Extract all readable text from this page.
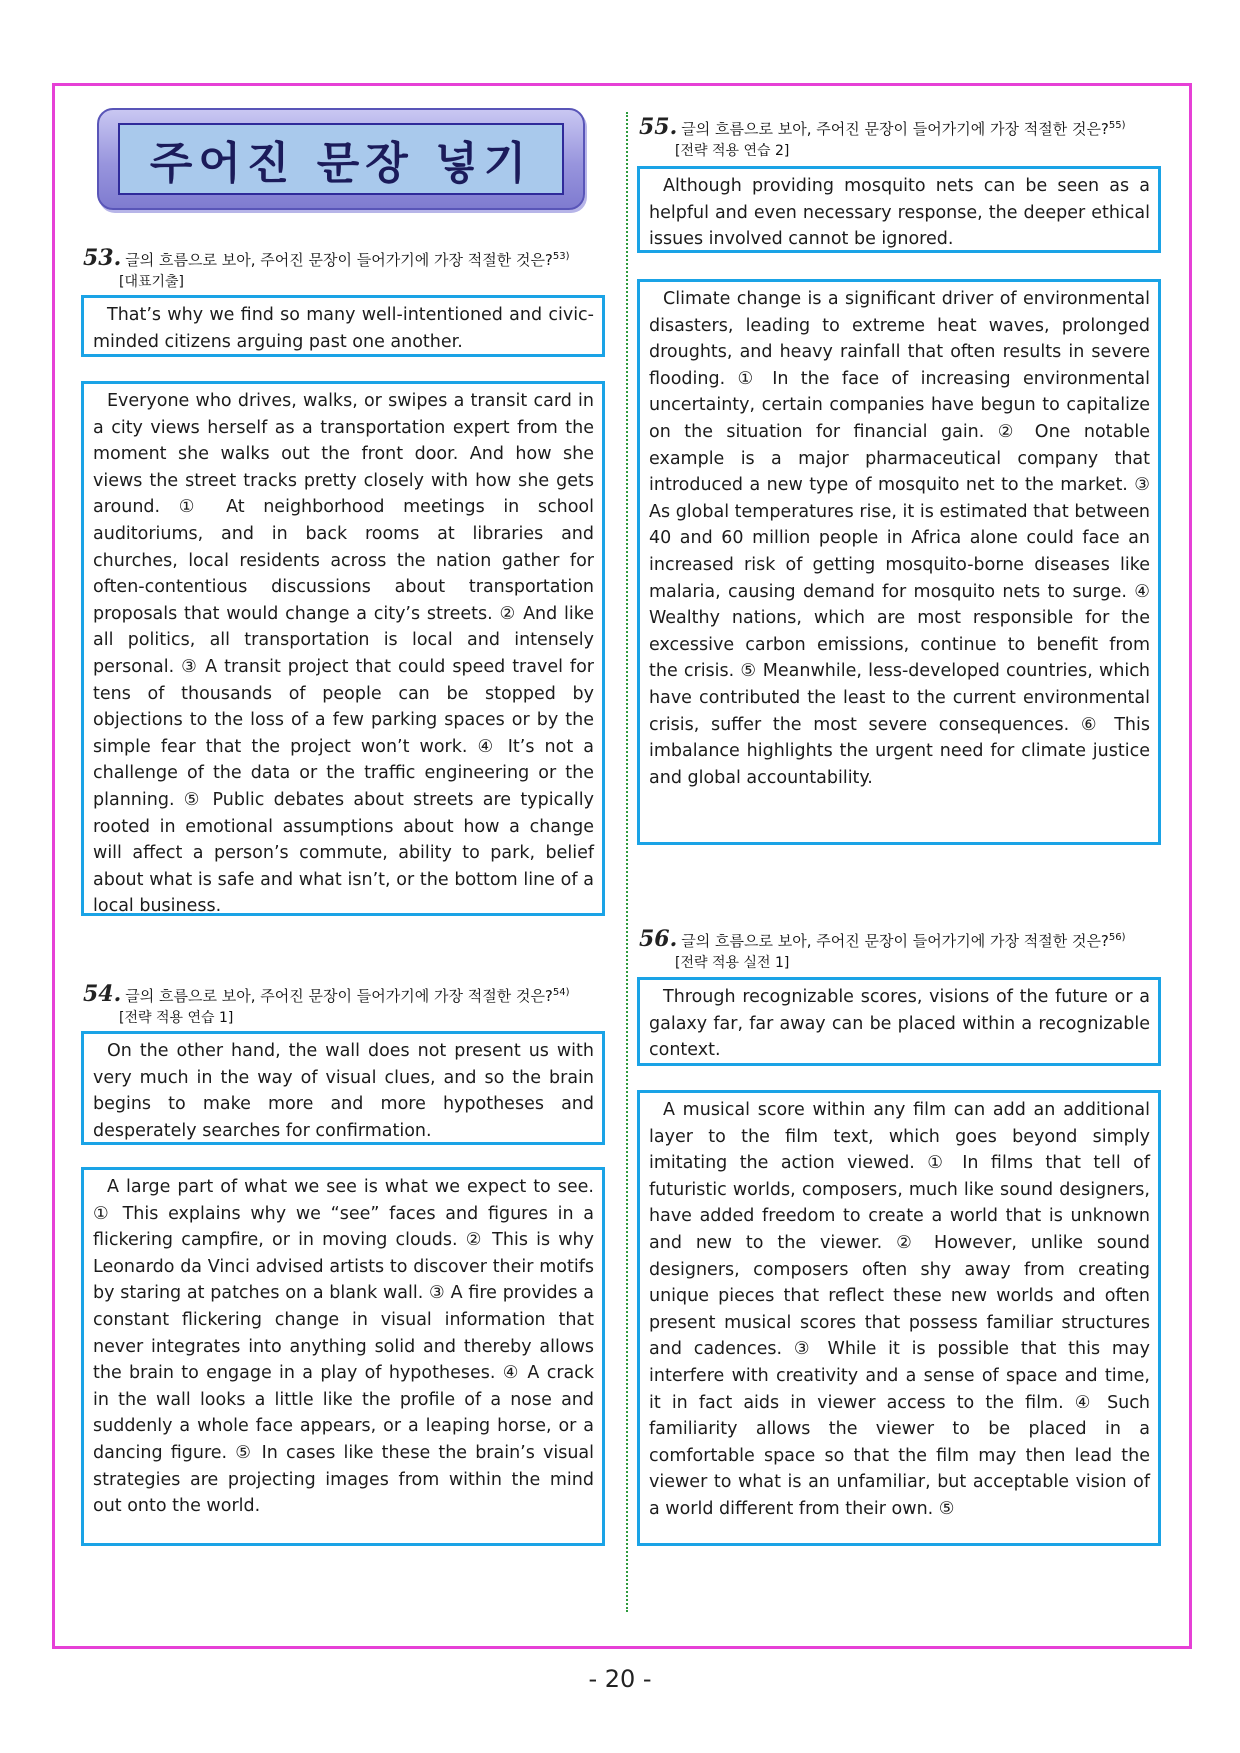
주어진 문장 넣기
53. 글의 흐름으로 보아, 주어진 문장이 들어가기에 가장 적절한 것은?$^{53)}$
[대표기출]

That’s why we find so many well-intentioned and civic-minded citizens arguing past one another.

Everyone who drives, walks, or swipes a transit card in a city views herself as a transportation expert from the moment she walks out the front door. And how she views the street tracks pretty closely with how she gets around. ① At neighborhood meetings in school auditoriums, and in back rooms at libraries and churches, local residents across the nation gather for often-contentious discussions about transportation proposals that would change a city’s streets. ② And like all politics, all transportation is local and intensely personal. ③ A transit project that could speed travel for tens of thousands of people can be stopped by objections to the loss of a few parking spaces or by the simple fear that the project won’t work. ④ It’s not a challenge of the data or the traffic engineering or the planning. ⑤ Public debates about streets are typically rooted in emotional assumptions about how a change will affect a person’s commute, ability to park, belief about what is safe and what isn’t, or the bottom line of a local business.

54. 글의 흐름으로 보아, 주어진 문장이 들어가기에 가장 적절한 것은?$^{54)}$
[전략 적용 연습 1]

On the other hand, the wall does not present us with very much in the way of visual clues, and so the brain begins to make more and more hypotheses and desperately searches for confirmation.

A large part of what we see is what we expect to see. ① This explains why we “see” faces and figures in a flickering campfire, or in moving clouds. ② This is why Leonardo da Vinci advised artists to discover their motifs by staring at patches on a blank wall. ③ A fire provides a constant flickering change in visual information that never integrates into anything solid and thereby allows the brain to engage in a play of hypotheses. ④ A crack in the wall looks a little like the profile of a nose and suddenly a whole face appears, or a leaping horse, or a dancing figure. ⑤ In cases like these the brain’s visual strategies are projecting images from within the mind out onto the world.

55. 글의 흐름으로 보아, 주어진 문장이 들어가기에 가장 적절한 것은?$^{55)}$
[전략 적용 연습 2]

Although providing mosquito nets can be seen as a helpful and even necessary response, the deeper ethical issues involved cannot be ignored.

Climate change is a significant driver of environmental disasters, leading to extreme heat waves, prolonged droughts, and heavy rainfall that often results in severe flooding. ① In the face of increasing environmental uncertainty, certain companies have begun to capitalize on the situation for financial gain. ② One notable example is a major pharmaceutical company that introduced a new type of mosquito net to the market. ③ As global temperatures rise, it is estimated that between 40 and 60 million people in Africa alone could face an increased risk of getting mosquito-borne diseases like malaria, causing demand for mosquito nets to surge. ④ Wealthy nations, which are most responsible for the excessive carbon emissions, continue to benefit from the crisis. ⑤ Meanwhile, less-developed countries, which have contributed the least to the current environmental crisis, suffer the most severe consequences. ⑥ This imbalance highlights the urgent need for climate justice and global accountability.

56. 글의 흐름으로 보아, 주어진 문장이 들어가기에 가장 적절한 것은?$^{56)}$
[전략 적용 실전 1]

Through recognizable scores, visions of the future or a galaxy far, far away can be placed within a recognizable context.

A musical score within any film can add an additional layer to the film text, which goes beyond simply imitating the action viewed. ① In films that tell of futuristic worlds, composers, much like sound designers, have added freedom to create a world that is unknown and new to the viewer. ② However, unlike sound designers, composers often shy away from creating unique pieces that reflect these new worlds and often present musical scores that possess familiar structures and cadences. ③ While it is possible that this may interfere with creativity and a sense of space and time, it in fact aids in viewer access to the film. ④ Such familiarity allows the viewer to be placed in a comfortable space so that the film may then lead the viewer to what is an unfamiliar, but acceptable vision of a world different from their own. ⑤

- 20 -
